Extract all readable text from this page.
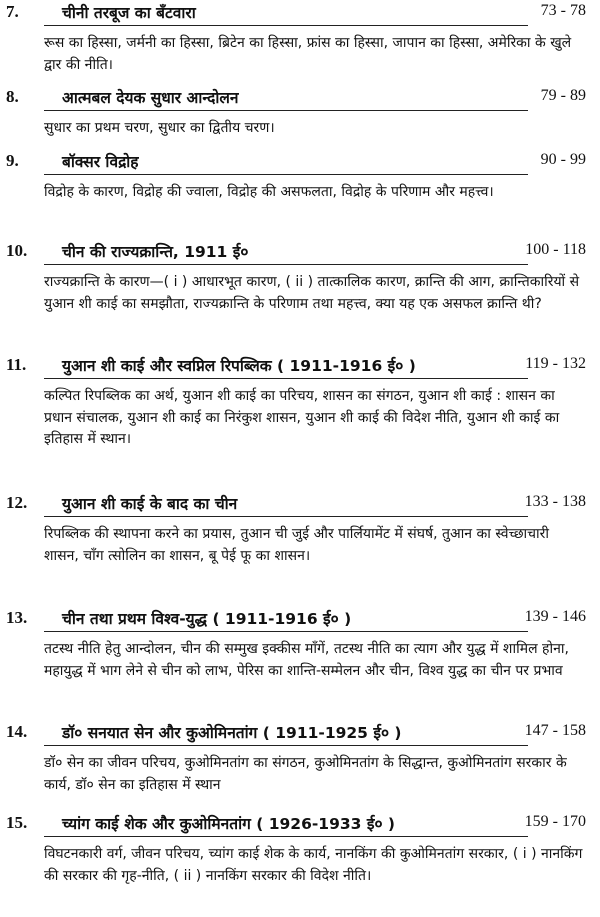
7.	चीनी तरबूज का बँटवारा	73 - 78
रूस का हिस्सा, जर्मनी का हिस्सा, ब्रिटेन का हिस्सा, फ्रांस का हिस्सा, जापान का हिस्सा, अमेरिका के खुले द्वार की नीति।
8.	आत्मबल देयक सुधार आन्दोलन	79 - 89
सुधार का प्रथम चरण, सुधार का द्वितीय चरण।
9.	बॉक्सर विद्रोह	90 - 99
विद्रोह के कारण, विद्रोह की ज्वाला, विद्रोह की असफलता, विद्रोह के परिणाम और महत्त्व।
10. चीन की राज्यक्रान्ति, 1911 ई०	100 - 118
राज्यक्रान्ति के कारण—( i ) आधारभूत कारण, ( ii ) तात्कालिक कारण, क्रान्ति की आग, क्रान्तिकारियों से युआन शी काई का समझौता, राज्यक्रान्ति के परिणाम तथा महत्त्व, क्या यह एक असफल क्रान्ति थी?
11. युआन शी काई और स्वप्निल रिपब्लिक ( 1911-1916 ई० )	119 - 132
कल्पित रिपब्लिक का अर्थ, युआन शी काई का परिचय, शासन का संगठन, युआन शी काई : शासन का प्रधान संचालक, युआन शी काई का निरंकुश शासन, युआन शी काई की विदेश नीति, युआन शी काई का इतिहास में स्थान।
12. युआन शी काई के बाद का चीन	133 - 138
रिपब्लिक की स्थापना करने का प्रयास, तुआन ची जुई और पार्लियामेंट में संघर्ष, तुआन का स्वेच्छाचारी शासन, चाँग त्सोलिन का शासन, बू पेई फू का शासन।
13. चीन तथा प्रथम विश्व-युद्ध ( 1911-1916 ई० )	139 - 146
तटस्थ नीति हेतु आन्दोलन, चीन की सम्मुख इक्कीस माँगें, तटस्थ नीति का त्याग और युद्ध में शामिल होना, महायुद्ध में भाग लेने से चीन को लाभ, पेरिस का शान्ति-सम्मेलन और चीन, विश्व युद्ध का चीन पर प्रभाव
14. डॉ० सनयात सेन और कुओमिनतांग ( 1911-1925 ई० )	147 - 158
डॉ० सेन का जीवन परिचय, कुओमिनतांग का संगठन, कुओमिनतांग के सिद्धान्त, कुओमिनतांग सरकार के कार्य, डॉ० सेन का इतिहास में स्थान
15. च्यांग काई शेक और कुओमिनतांग ( 1926-1933 ई० )	159 - 170
विघटनकारी वर्ग, जीवन परिचय, च्यांग काई शेक के कार्य, नानकिंग की कुओमिनतांग सरकार, ( i ) नानकिंग की सरकार की गृह-नीति, ( ii ) नानकिंग सरकार की विदेश नीति।
